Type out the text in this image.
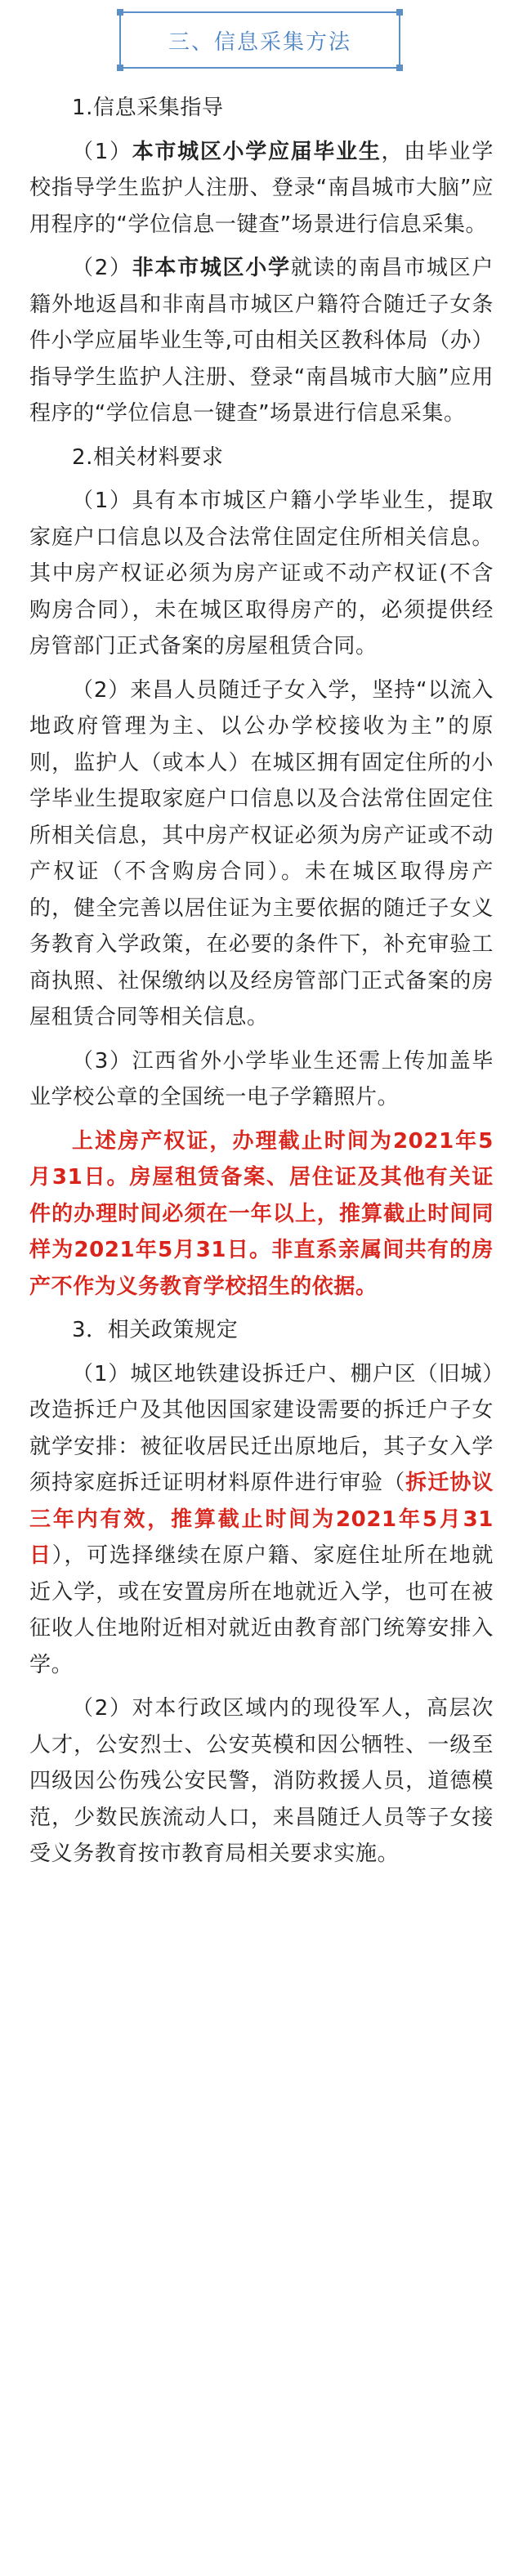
三、信息采集方法

1.信息采集指导

（1）本市城区小学应届毕业生，由毕业学校指导学生监护人注册、登录“南昌城市大脑”应用程序的“学位信息一键查”场景进行信息采集。

（2）非本市城区小学就读的南昌市城区户籍外地返昌和非南昌市城区户籍符合随迁子女条件小学应届毕业生等,可由相关区教科体局（办）指导学生监护人注册、登录“南昌城市大脑”应用程序的“学位信息一键查”场景进行信息采集。

2.相关材料要求

（1）具有本市城区户籍小学毕业生，提取家庭户口信息以及合法常住固定住所相关信息。其中房产权证必须为房产证或不动产权证(不含购房合同），未在城区取得房产的，必须提供经房管部门正式备案的房屋租赁合同。

（2）来昌人员随迁子女入学，坚持“以流入地政府管理为主、以公办学校接收为主”的原则，监护人（或本人）在城区拥有固定住所的小学毕业生提取家庭户口信息以及合法常住固定住所相关信息，其中房产权证必须为房产证或不动产权证（不含购房合同）。未在城区取得房产的，健全完善以居住证为主要依据的随迁子女义务教育入学政策，在必要的条件下，补充审验工商执照、社保缴纳以及经房管部门正式备案的房屋租赁合同等相关信息。

（3）江西省外小学毕业生还需上传加盖毕业学校公章的全国统一电子学籍照片。

上述房产权证，办理截止时间为2021年5月31日。房屋租赁备案、居住证及其他有关证件的办理时间必须在一年以上，推算截止时间同样为2021年5月31日。非直系亲属间共有的房产不作为义务教育学校招生的依据。

3．相关政策规定

（1）城区地铁建设拆迁户、棚户区（旧城）改造拆迁户及其他因国家建设需要的拆迁户子女就学安排：被征收居民迁出原地后，其子女入学须持家庭拆迁证明材料原件进行审验（拆迁协议三年内有效，推算截止时间为2021年5月31日），可选择继续在原户籍、家庭住址所在地就近入学，或在安置房所在地就近入学，也可在被征收人住地附近相对就近由教育部门统筹安排入学。

（2）对本行政区域内的现役军人，高层次人才，公安烈士、公安英模和因公牺牲、一级至四级因公伤残公安民警，消防救援人员，道德模范，少数民族流动人口，来昌随迁人员等子女接受义务教育按市教育局相关要求实施。
